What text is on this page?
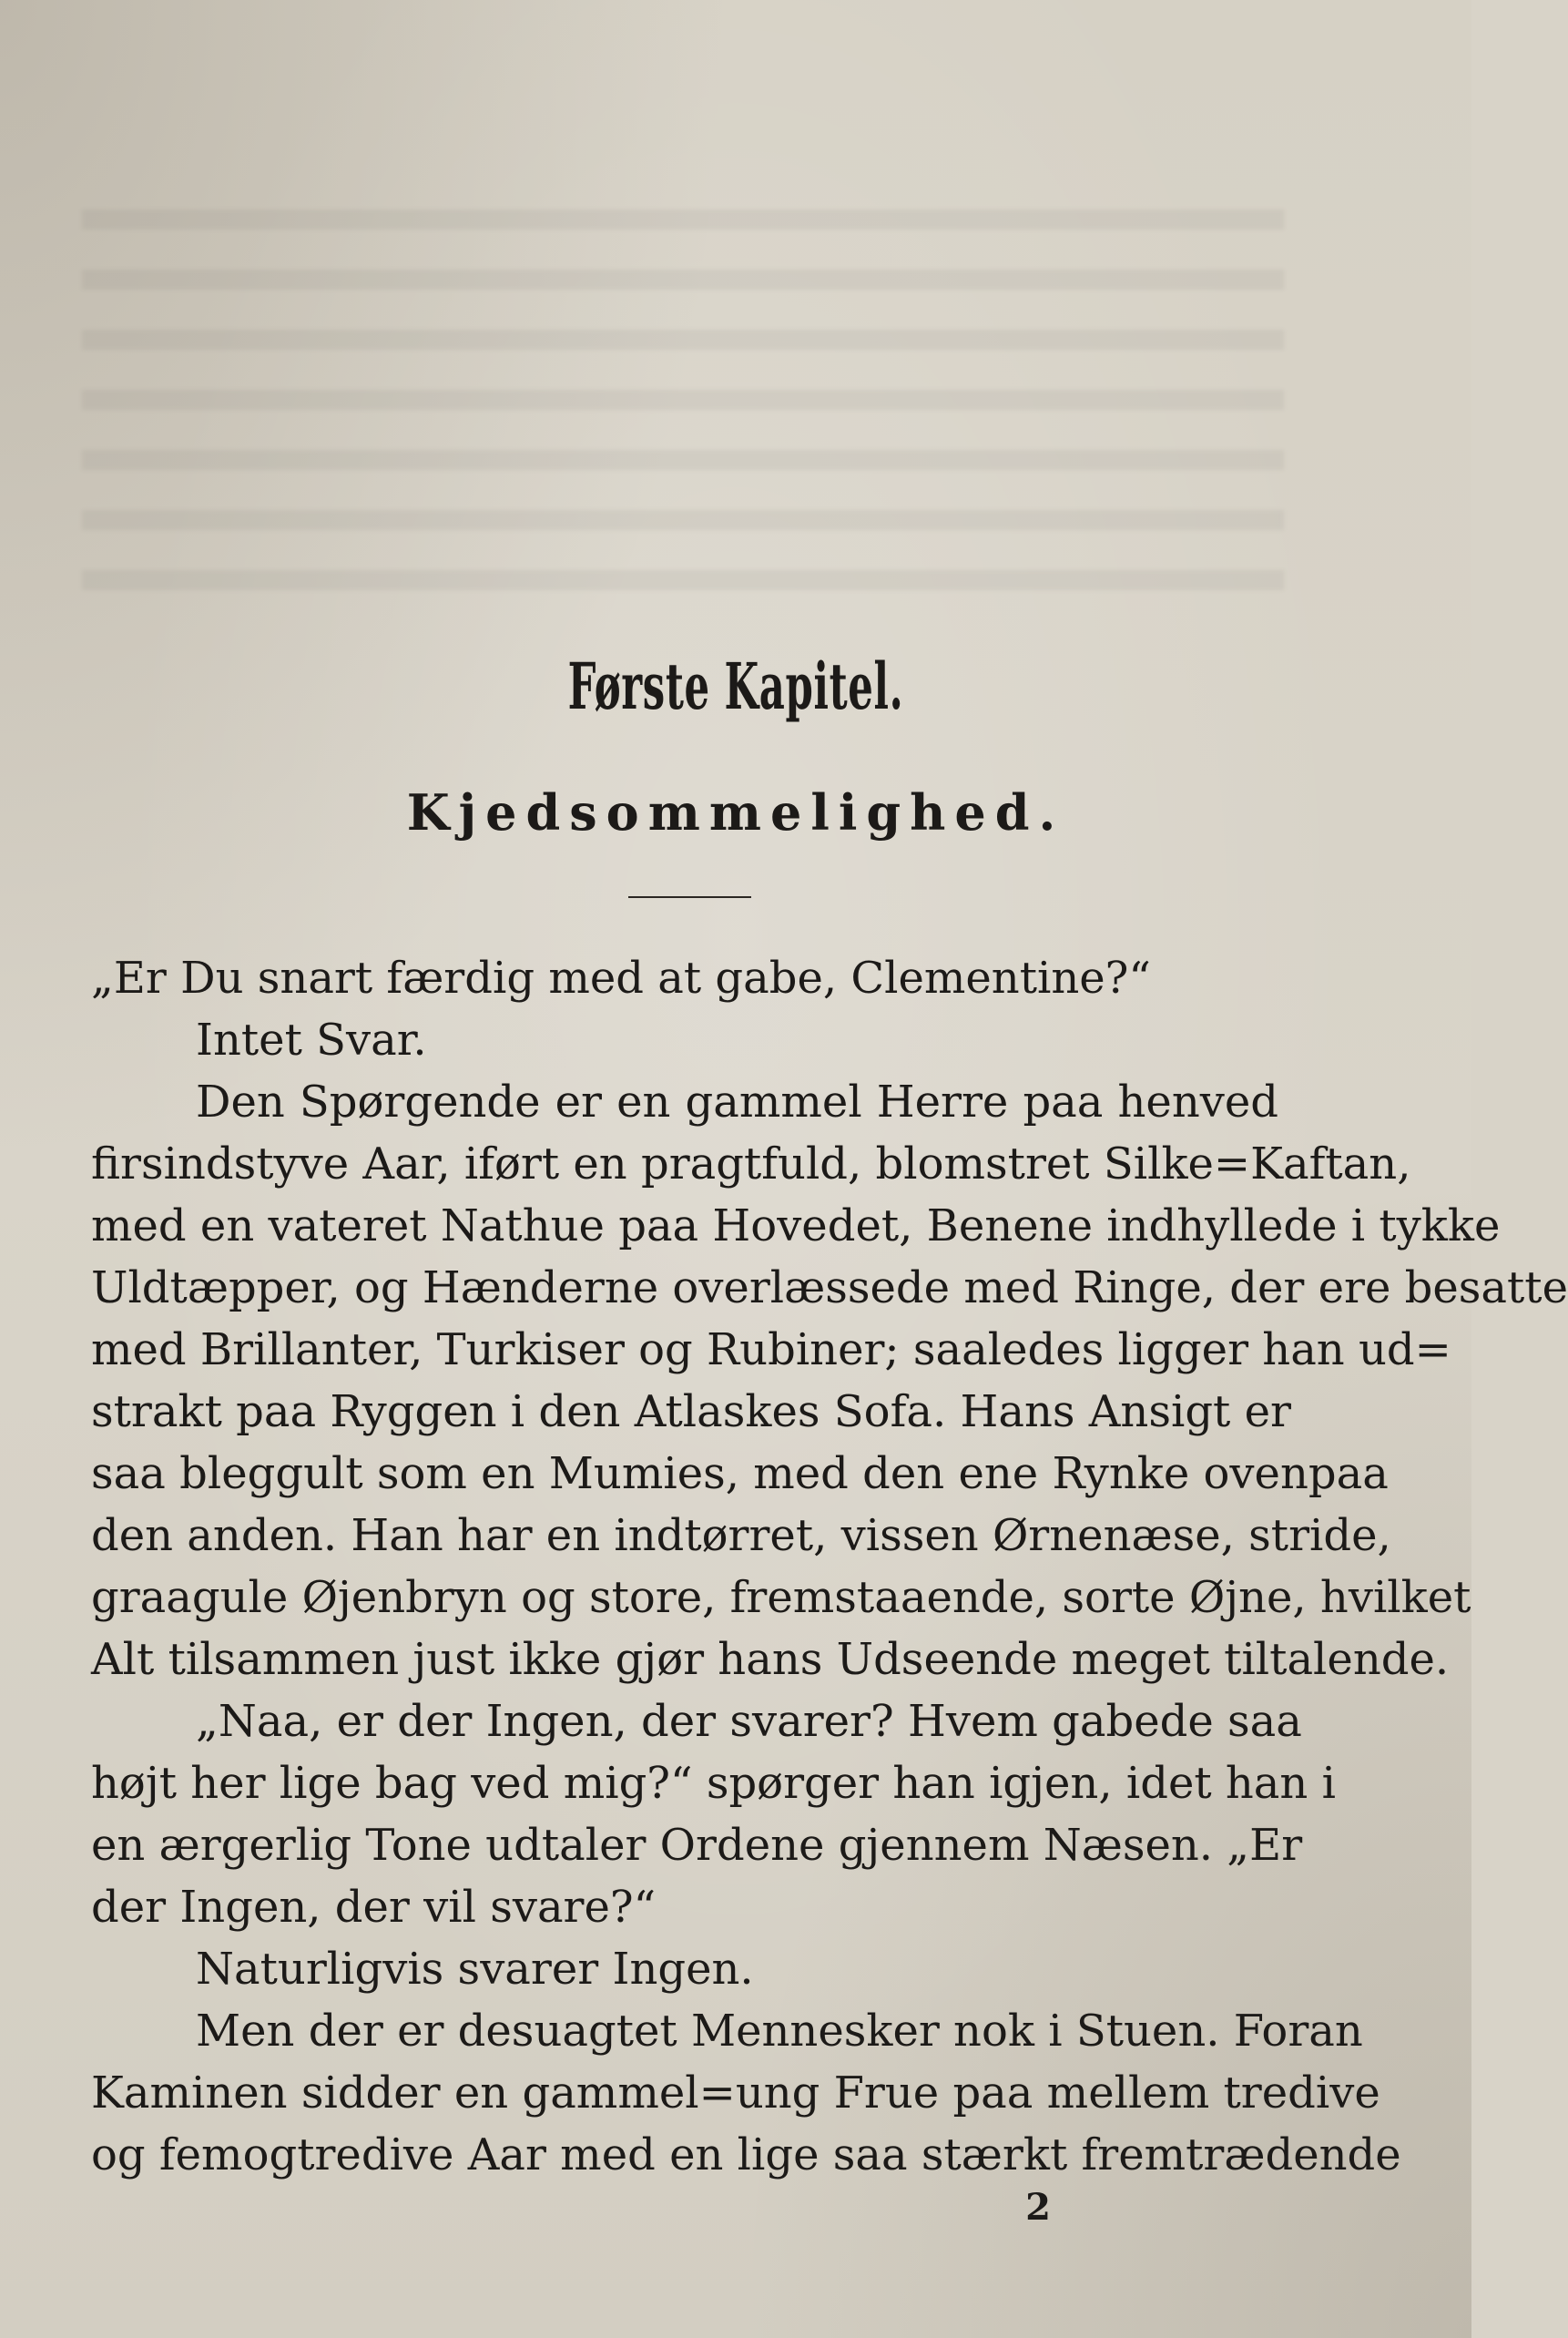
Første Kapitel.
Kjedsommelighed.
„Er Du snart færdig med at gabe, Clementine?“
Intet Svar.
Den Spørgende er en gammel Herre paa henved
firsindstyve Aar, iført en pragtfuld, blomstret Silke=Kaftan,
med en vateret Nathue paa Hovedet, Benene indhyllede i tykke
Uldtæpper, og Hænderne overlæssede med Ringe, der ere besatte
med Brillanter, Turkiser og Rubiner; saaledes ligger han ud=
strakt paa Ryggen i den Atlaskes Sofa. Hans Ansigt er
saa bleggult som en Mumies, med den ene Rynke ovenpaa
den anden. Han har en indtørret, vissen Ørnenæse, stride,
graagule Øjenbryn og store, fremstaaende, sorte Øjne, hvilket
Alt tilsammen just ikke gjør hans Udseende meget tiltalende.
„Naa, er der Ingen, der svarer? Hvem gabede saa
højt her lige bag ved mig?“ spørger han igjen, idet han i
en ærgerlig Tone udtaler Ordene gjennem Næsen. „Er
der Ingen, der vil svare?“
Naturligvis svarer Ingen.
Men der er desuagtet Mennesker nok i Stuen. Foran
Kaminen sidder en gammel=ung Frue paa mellem tredive
og femogtredive Aar med en lige saa stærkt fremtrædende
2
